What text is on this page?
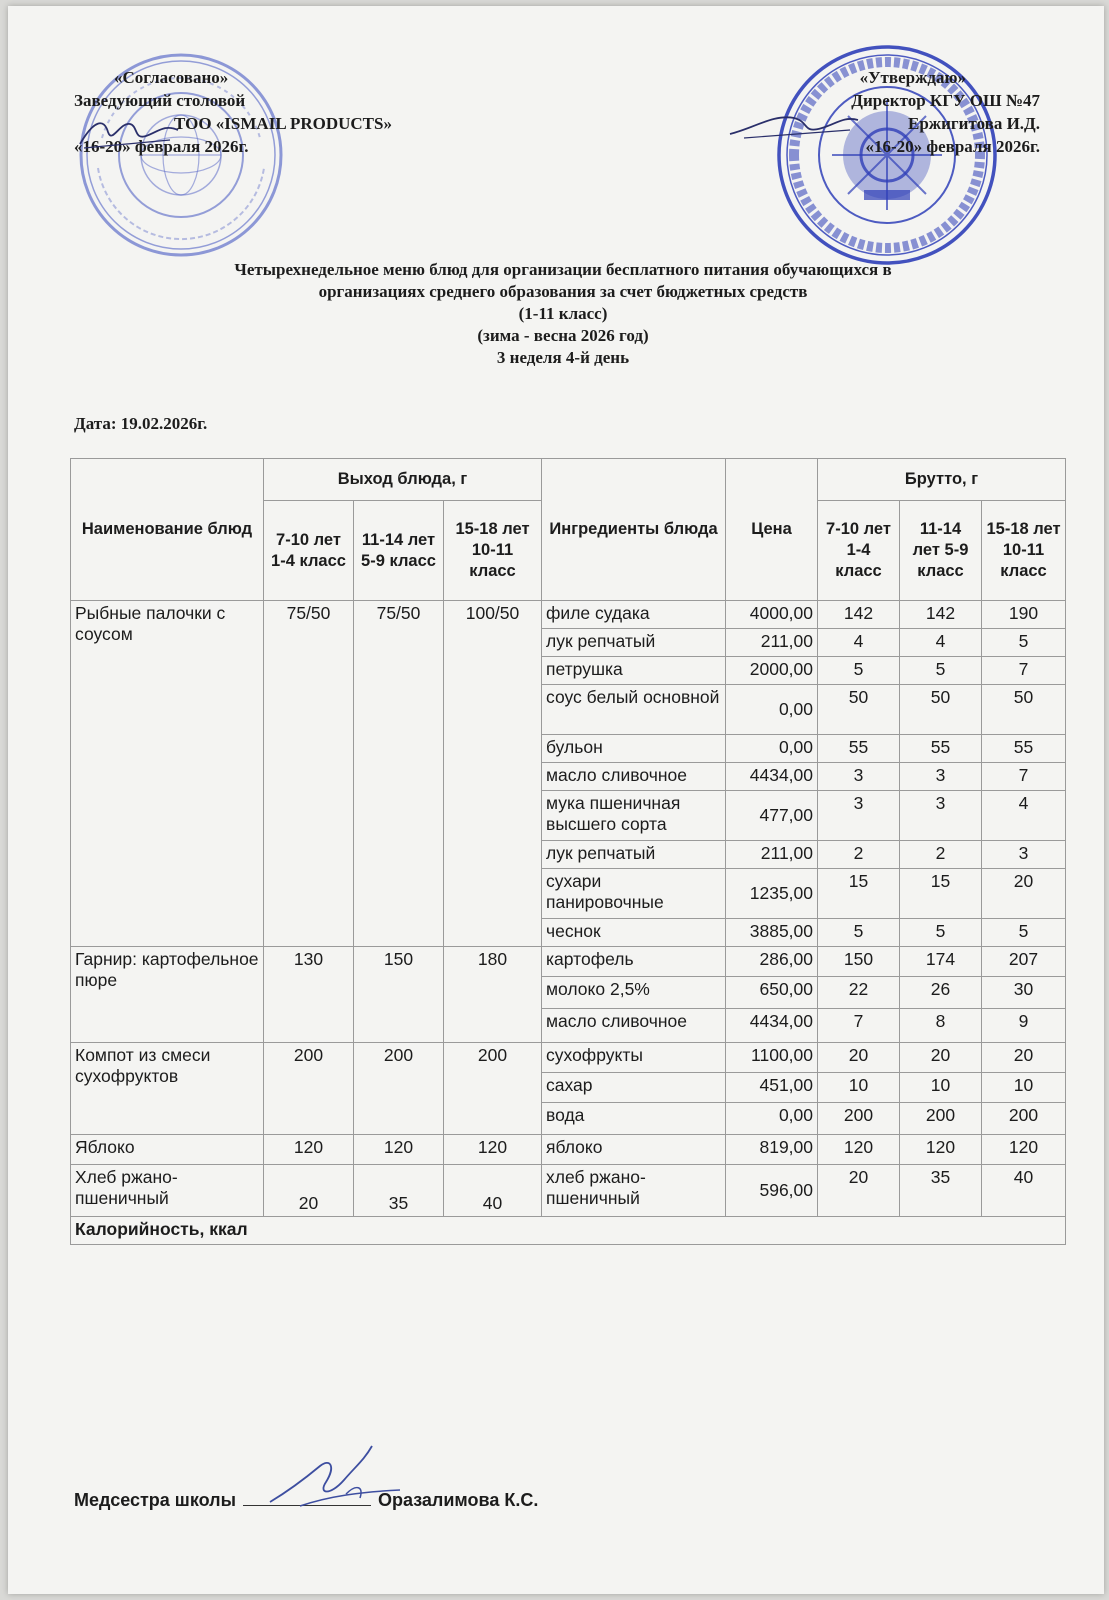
«Согласовано»
Заведующий столовой
ТОО «ISMAIL PRODUCTS»
«16-20» февраля 2026г.
«Утверждаю»
Директор КГУ ОШ №47
Ержигитова И.Д.
«16-20» февраля 2026г.
Четырехнедельное меню блюд для организации бесплатного питания обучающихся в
организациях среднего образования за счет бюджетных средств
(1-11 класс)
(зима - весна 2026 год)
3 неделя 4-й день
Дата: 19.02.2026г.
Наименование блюд	Выход блюда, г			Ингредиенты блюда	Цена	Брутто, г		
	7-10 лет 1-4 класс	11-14 лет 5-9 класс	15-18 лет 10-11 класс			7-10 лет 1-4 класс	11-14 лет 5-9 класс	15-18 лет 10-11 класс
Рыбные палочки с соусом	75/50	75/50	100/50	филе судака	4000,00	142	142	190
				лук репчатый	211,00	4	4	5
				петрушка	2000,00	5	5	7
				соус белый основной	0,00	50	50	50
				бульон	0,00	55	55	55
				масло сливочное	4434,00	3	3	7
				мука пшеничная высшего сорта	477,00	3	3	4
				лук репчатый	211,00	2	2	3
				сухари панировочные	1235,00	15	15	20
				чеснок	3885,00	5	5	5
Гарнир: картофельное пюре	130	150	180	картофель	286,00	150	174	207
				молоко 2,5%	650,00	22	26	30
				масло сливочное	4434,00	7	8	9
Компот из смеси сухофруктов	200	200	200	сухофрукты	1100,00	20	20	20
				сахар	451,00	10	10	10
				вода	0,00	200	200	200
Яблоко	120	120	120	яблоко	819,00	120	120	120
Хлеб ржано-пшеничный	20	35	40	хлеб ржано-пшеничный	596,00	20	35	40
Калорийность, ккал								
Медсестра школы	Оразалимова К.С.
